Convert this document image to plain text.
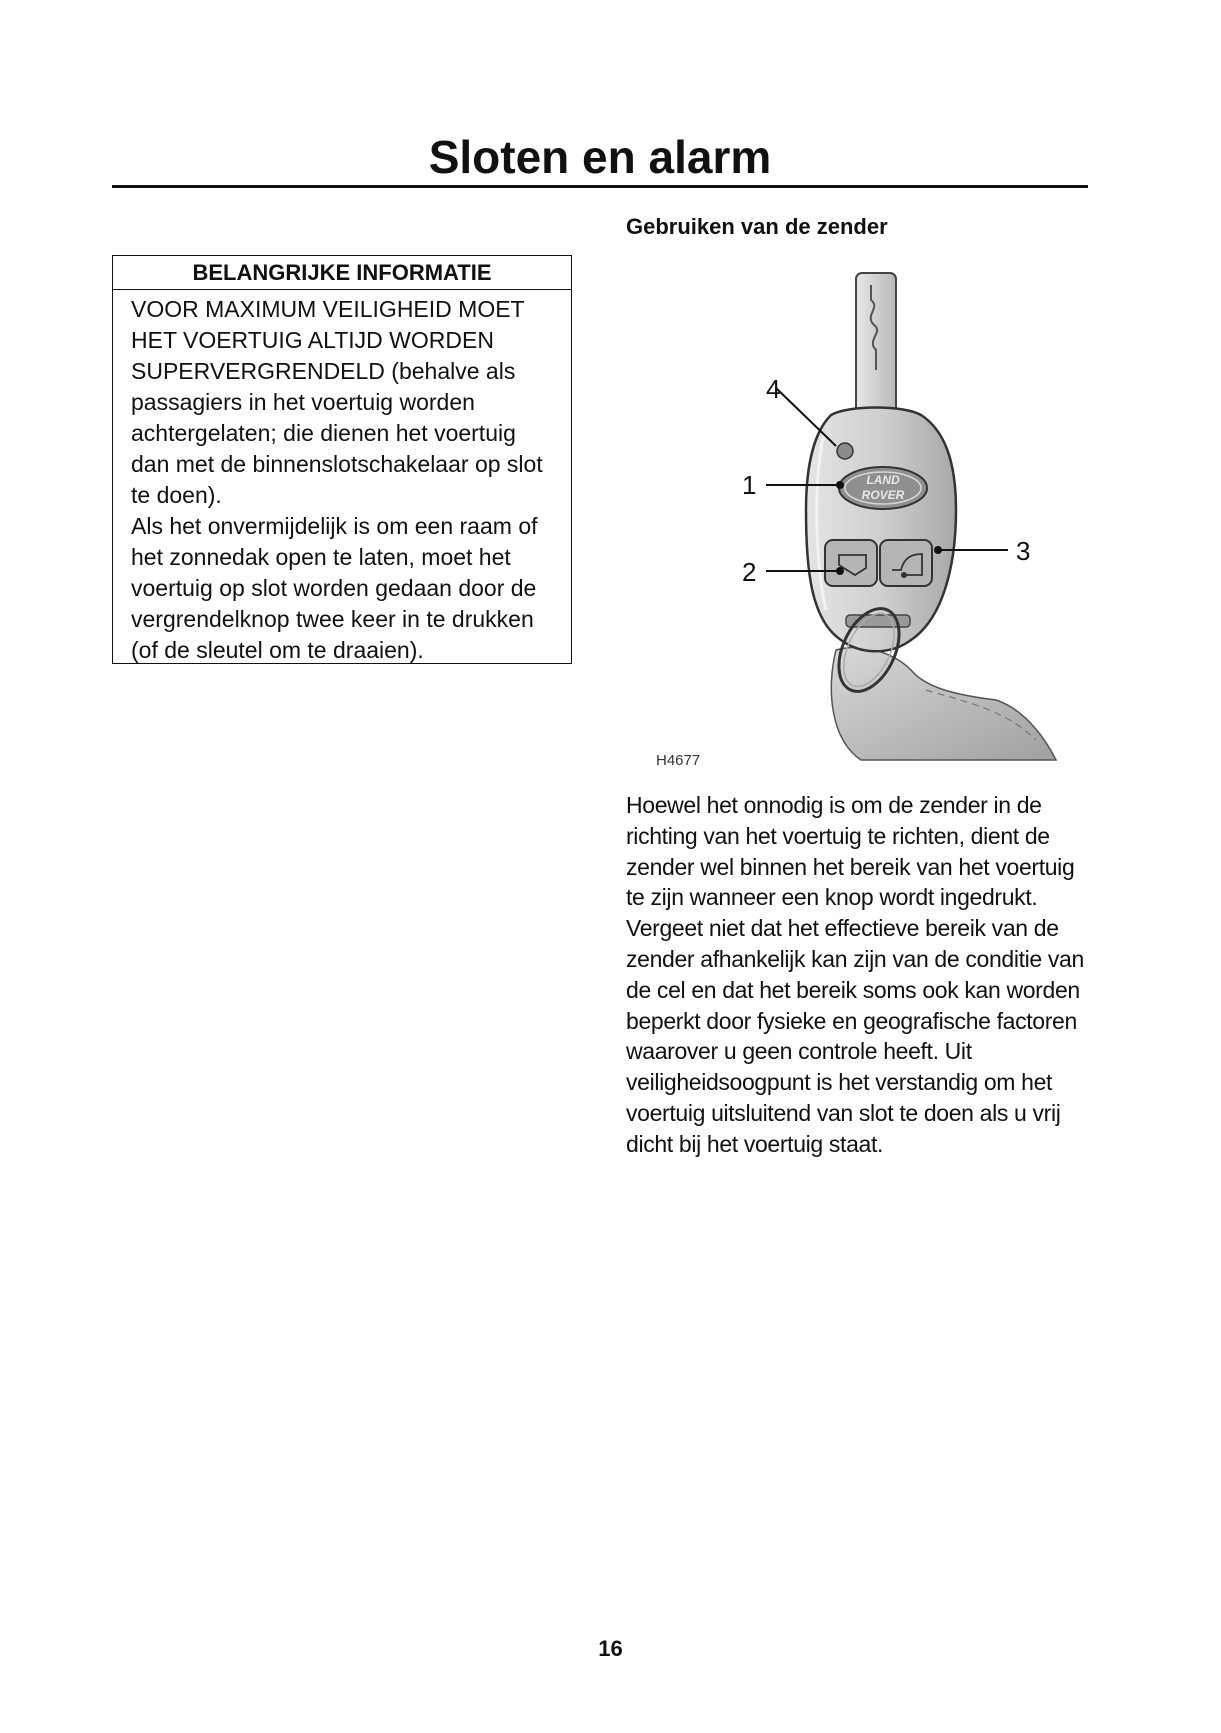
Sloten en alarm
BELANGRIJKE INFORMATIE

VOOR MAXIMUM VEILIGHEID MOET HET VOERTUIG ALTIJD WORDEN SUPERVERGRENDELD (behalve als passagiers in het voertuig worden achtergelaten; die dienen het voertuig dan met de binnenslotschakelaar op slot te doen).

Als het onvermijdelijk is om een raam of het zonnedak open te laten, moet het voertuig op slot worden gedaan door de vergrendelknop twee keer in te drukken (of de sleutel om te draaien).

Gebruiken van de zender
LAND
ROVER
4
1
2
3
H4677

Hoewel het onnodig is om de zender in de richting van het voertuig te richten, dient de zender wel binnen het bereik van het voertuig te zijn wanneer een knop wordt ingedrukt. Vergeet niet dat het effectieve bereik van de zender afhankelijk kan zijn van de conditie van de cel en dat het bereik soms ook kan worden beperkt door fysieke en geografische factoren waarover u geen controle heeft. Uit veiligheidsoogpunt is het verstandig om het voertuig uitsluitend van slot te doen als u vrij dicht bij het voertuig staat.

16
